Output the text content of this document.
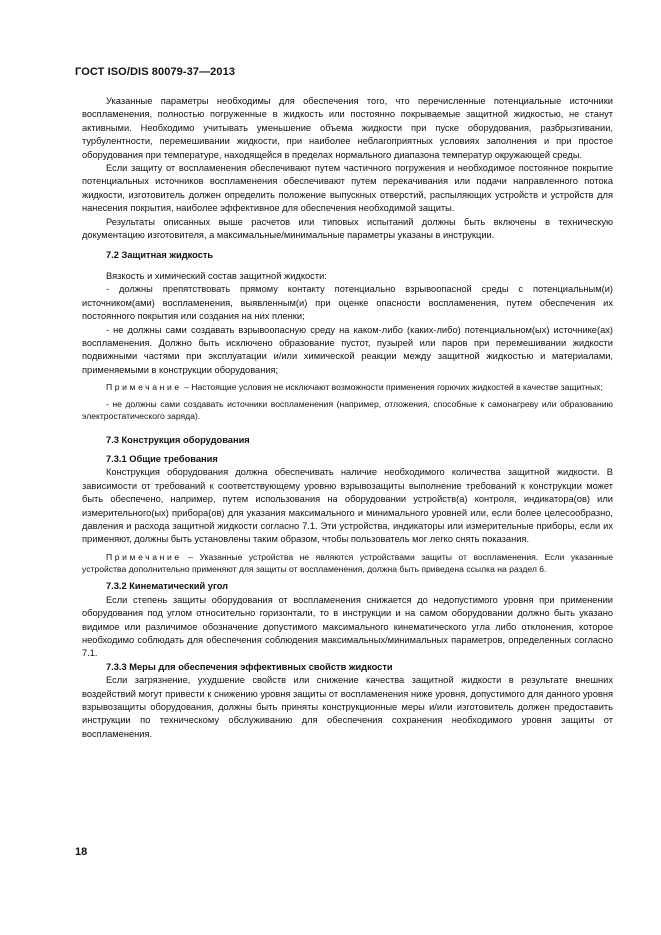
ГОСТ ISO/DIS 80079-37—2013

Указанные параметры необходимы для обеспечения того, что перечисленные потенциальные источники воспламенения, полностью погруженные в жидкость или постоянно покрываемые защитной жидкостью, не станут активными. Необходимо учитывать уменьшение объема жидкости при пуске оборудования, разбрызгивании, турбулентности, перемешивании жидкости, при наиболее неблагоприятных условиях заполнения и при простое оборудования при температуре, находящейся в пределах нормального диапазона температур окружающей среды.

Если защиту от воспламенения обеспечивают путем частичного погружения и необходимое постоянное покрытие потенциальных источников воспламенения обеспечивают путем перекачивания или подачи направленного потока жидкости, изготовитель должен определить положение выпускных отверстий, распыляющих устройств и устройств для нанесения покрытия, наиболее эффективное для обеспечения необходимой защиты.

Результаты описанных выше расчетов или типовых испытаний должны быть включены в техническую документацию изготовителя, а максимальные/минимальные параметры указаны в инструкции.

7.2 Защитная жидкость

Вязкость и химический состав защитной жидкости:

- должны препятствовать прямому контакту потенциально взрывоопасной среды с потенциальным(и) источником(ами) воспламенения, выявленным(и) при оценке опасности воспламенения, путем обеспечения их постоянного покрытия или создания на них пленки;

- не должны сами создавать взрывоопасную среду на каком-либо (каких-либо) потенциальном(ых) источнике(ах) воспламенения. Должно быть исключено образование пустот, пузырей или паров при перемешивании жидкости подвижными частями при эксплуатации и/или химической реакции между защитной жидкостью и материалами, применяемыми в конструкции оборудования;

Примечание – Настоящие условия не исключают возможности применения горючих жидкостей в качестве защитных;

- не должны сами создавать источники воспламенения (например, отложения, способные к самонагреву или образованию электростатического заряда).

7.3 Конструкция оборудования

7.3.1 Общие требования

Конструкция оборудования должна обеспечивать наличие необходимого количества защитной жидкости. В зависимости от требований к соответствующему уровню взрывозащиты выполнение требований к конструкции может быть обеспечено, например, путем использования на оборудовании устройств(а) контроля, индикатора(ов) или измерительного(ых) прибора(ов) для указания максимального и минимального уровней или, если более целесообразно, давления и расхода защитной жидкости согласно 7.1. Эти устройства, индикаторы или измерительные приборы, если их применяют, должны быть установлены таким образом, чтобы пользователь мог легко снять показания.

Примечание – Указанные устройства не являются устройствами защиты от воспламенения. Если указанные устройства дополнительно применяют для защиты от воспламенения, должна быть приведена ссылка на раздел 6.

7.3.2 Кинематический угол

Если степень защиты оборудования от воспламенения снижается до недопустимого уровня при применении оборудования под углом относительно горизонтали, то в инструкции и на самом оборудовании должно быть указано видимое или различимое обозначение допустимого максимального кинематического угла либо отклонения, которое необходимо соблюдать для обеспечения соблюдения максимальных/минимальных параметров, определенных согласно 7.1.

7.3.3 Меры для обеспечения эффективных свойств жидкости

Если загрязнение, ухудшение свойств или снижение качества защитной жидкости в результате внешних воздействий могут привести к снижению уровня защиты от воспламенения ниже уровня, допустимого для данного уровня взрывозащиты оборудования, должны быть приняты конструкционные меры и/или изготовитель должен предоставить инструкции по техническому обслуживанию для обеспечения сохранения необходимого уровня защиты от воспламенения.

18
